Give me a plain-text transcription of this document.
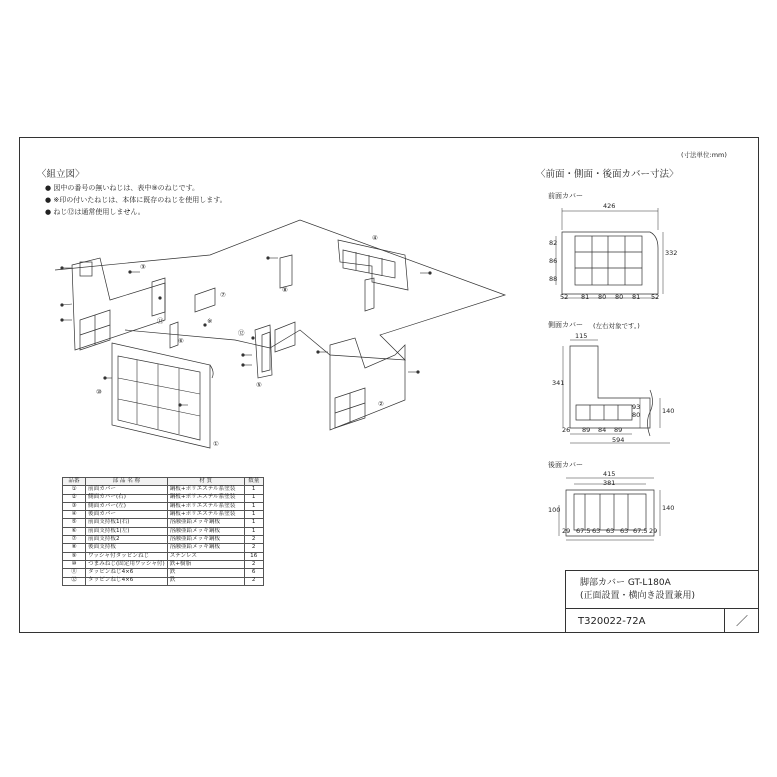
(寸法単位:mm)
〈組立図〉
● 図中の番号の無いねじは、表中⑨のねじです。
● ※印の付いたねじは、本体に既存のねじを使用します。
● ねじ⑫は通常使用しません。
〈前面・側面・後面カバー寸法〉
前面カバー
側面カバー (左右対象です。)
後面カバー
①
②
③
④
⑤
⑥
⑦
⑧
⑩
⑪
⑫
※
426
332
82
86
88
52 81 80 80 81 52
115
341
93
80	140
26 89 84 89
594
415
381
100	140
29 67.5 63 63 63 67.5 29
品番	部 品 名 称	材 質	数量
①	前面カバー	鋼板+ポリエステル系塗装	1
②	側面カバー(右)	鋼板+ポリエステル系塗装	1
③	側面カバー(左)	鋼板+ポリエステル系塗装	1
④	後面カバー	鋼板+ポリエステル系塗装	1
⑤	前面支持板1(右)	溶融亜鉛メッキ鋼板	1
⑥	前面支持板1(左)	溶融亜鉛メッキ鋼板	1
⑦	前面支持板2	溶融亜鉛メッキ鋼板	2
⑧	後面支持板	溶融亜鉛メッキ鋼板	2
⑨	ワッシャ付タッピンねじ	ステンレス	16
⑩	つまみねじ(固定用ワッシャ付)	鉄+樹脂	2
⑪	タッピンねじ4×6	鉄	6
⑫	タッピンねじ4×6	鉄	2	脚部カバー GT-L180A
(正面設置・横向き設置兼用)
T320022-72A	／
